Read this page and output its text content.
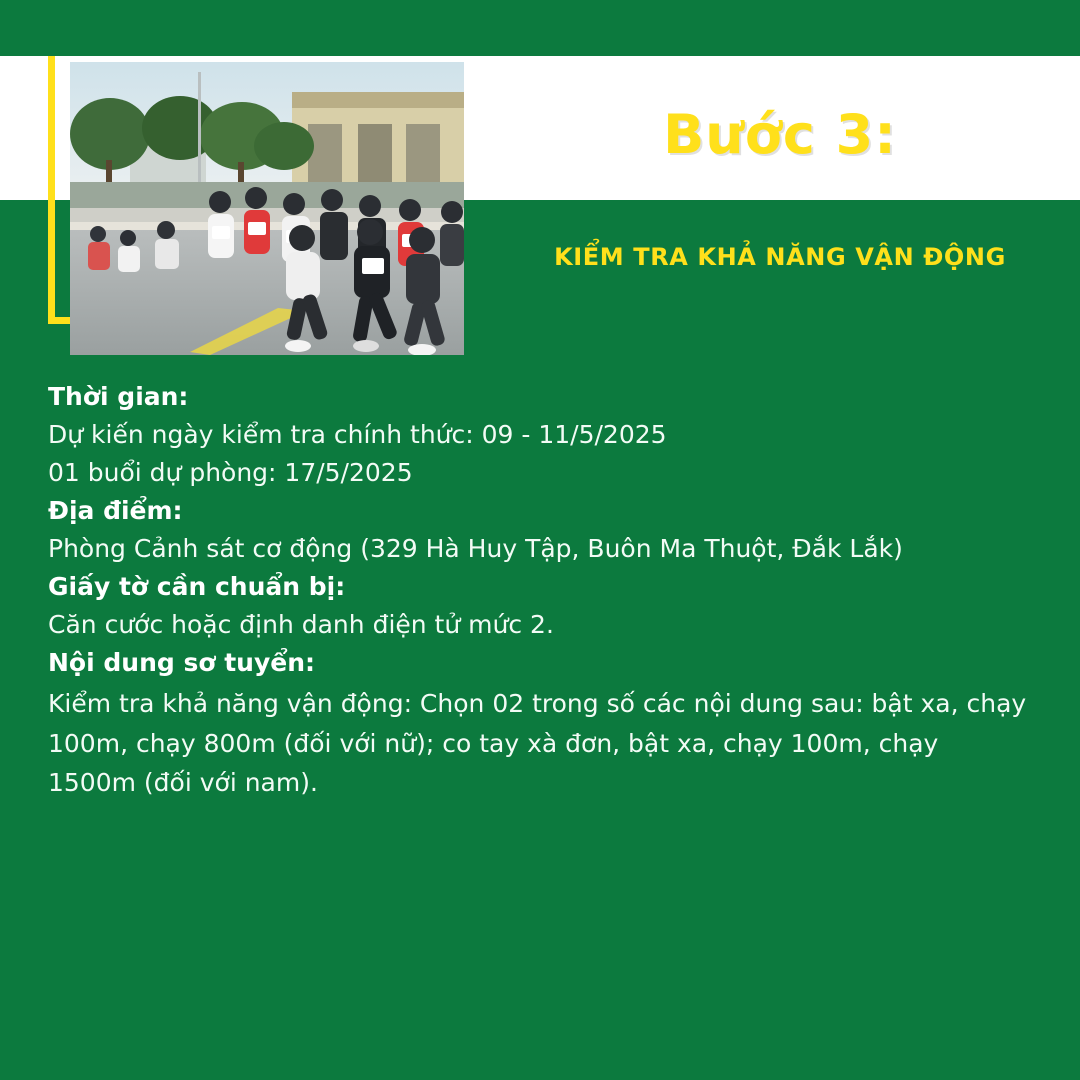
Bước 3:
KIỂM TRA KHẢ NĂNG VẬN ĐỘNG
Thời gian:
Dự kiến ngày kiểm tra chính thức: 09 - 11/5/2025
01 buổi dự phòng: 17/5/2025
Địa điểm:
Phòng Cảnh sát cơ động (329 Hà Huy Tập, Buôn Ma Thuột, Đắk Lắk)
Giấy tờ cần chuẩn bị:
Căn cước hoặc định danh điện tử mức 2.
Nội dung sơ tuyển:
Kiểm tra khả năng vận động: Chọn 02 trong số các nội dung sau: bật xa, chạy 100m, chạy 800m (đối với nữ); co tay xà đơn, bật xa, chạy 100m, chạy 1500m (đối với nam).
